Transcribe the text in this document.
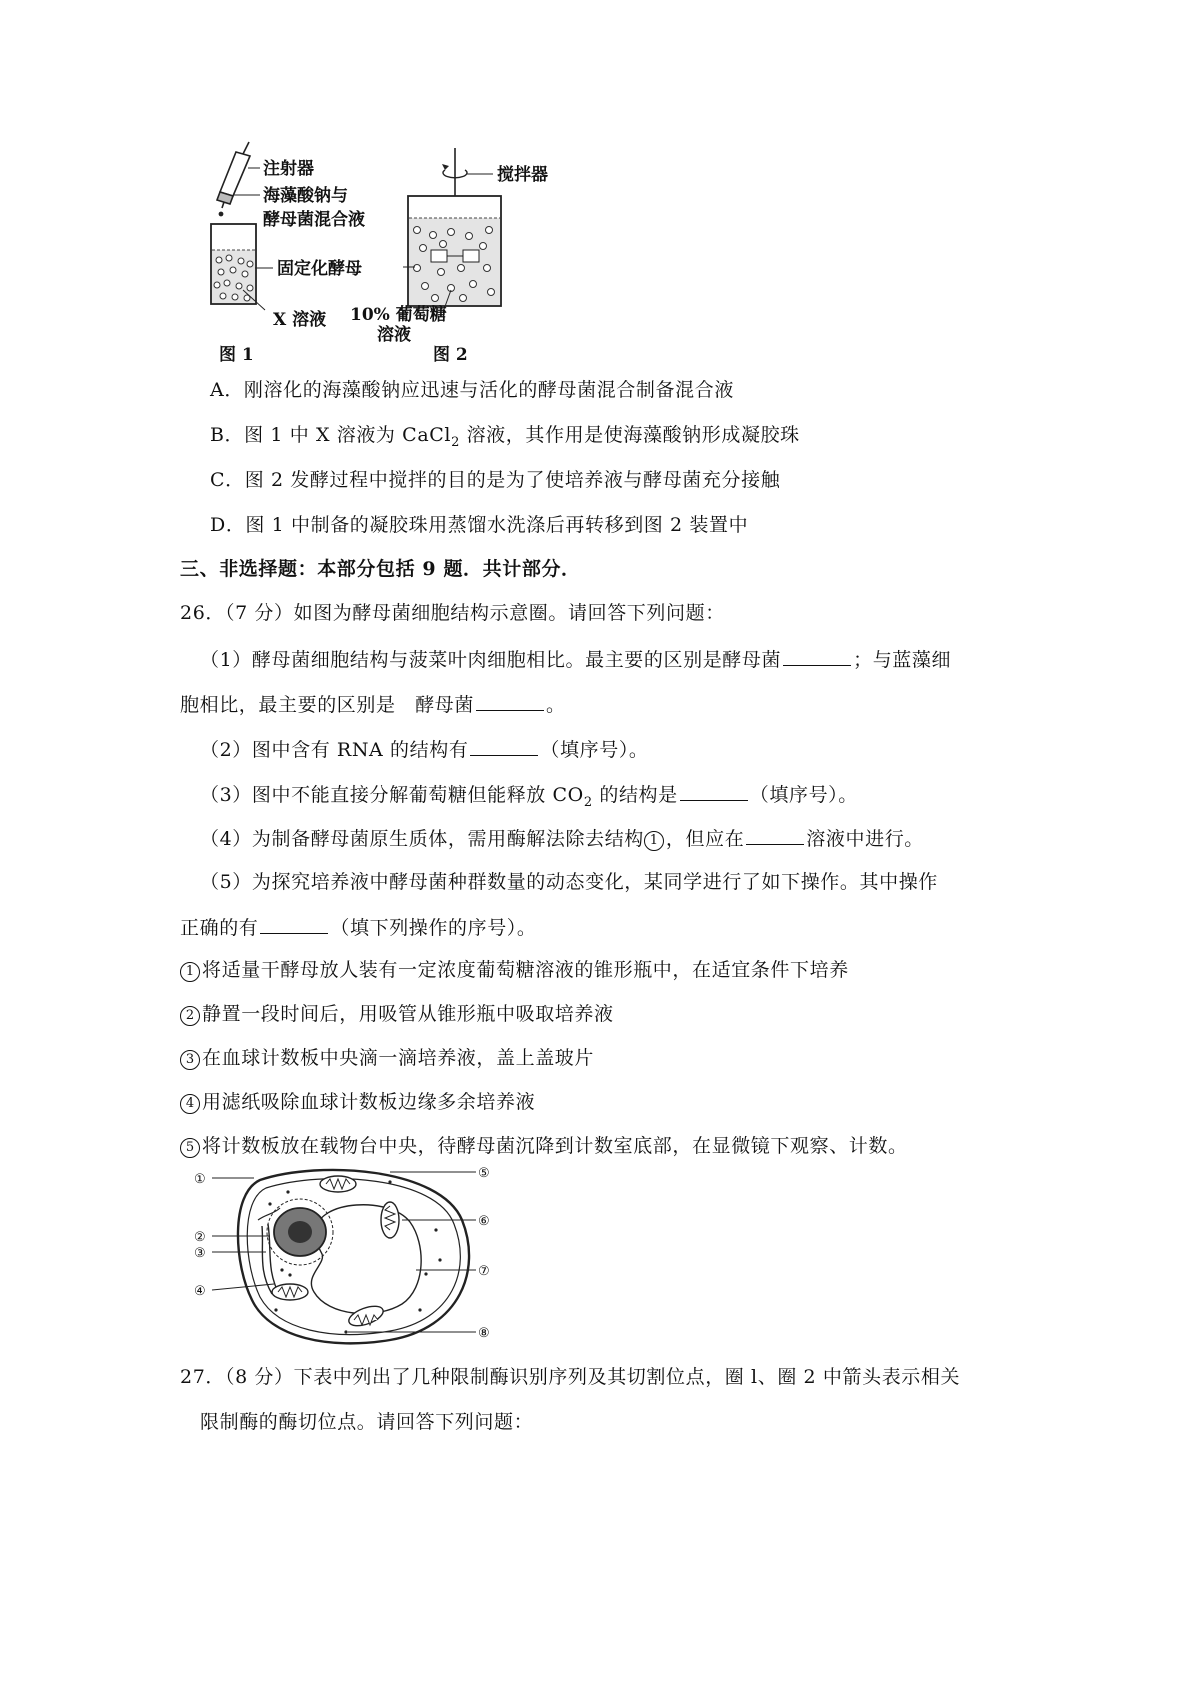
注射器
海藻酸钠与
酵母菌混合液
固定化酵母
X 溶液
搅拌器
10% 葡萄糖
溶液
图 1	图 2
A．刚溶化的海藻酸钠应迅速与活化的酵母菌混合制备混合液
B．图 1 中 X 溶液为 CaCl$_2$ 溶液，其作用是使海藻酸钠形成凝胶珠
C．图 2 发酵过程中搅拌的目的是为了使培养液与酵母菌充分接触
D．图 1 中制备的凝胶珠用蒸馏水洗涤后再转移到图 2 装置中
三、非选择题：本部分包括 9 题．共计部分．
26．（7 分）如图为酵母菌细胞结构示意圈。请回答下列问题：
（1）酵母菌细胞结构与菠菜叶肉细胞相比。最主要的区别是酵母菌	；与蓝藻细
胞相比，最主要的区别是　酵母菌	。
（2）图中含有 RNA 的结构有	（填序号）。
（3）图中不能直接分解葡萄糖但能释放 $CO_2$ 的结构是	（填序号）。
（4）为制备酵母菌原生质体，需用酶解法除去结构 1 ，但应在	溶液中进行。
（5）为探究培养液中酵母菌种群数量的动态变化，某同学进行了如下操作。其中操作
正确的有	（填下列操作的序号）。
1 将适量干酵母放人装有一定浓度葡萄糖溶液的锥形瓶中，在适宜条件下培养
2 静置一段时间后，用吸管从锥形瓶中吸取培养液
3 在血球计数板中央滴一滴培养液，盖上盖玻片
4 用滤纸吸除血球计数板边缘多余培养液
5 将计数板放在载物台中央，待酵母菌沉降到计数室底部，在显微镜下观察、计数。
①
②
③
④
⑤
⑥
⑦
⑧
27．（8 分）下表中列出了几种限制酶识别序列及其切割位点，圈 l、圈 2 中箭头表示相关
限制酶的酶切位点。请回答下列问题：
